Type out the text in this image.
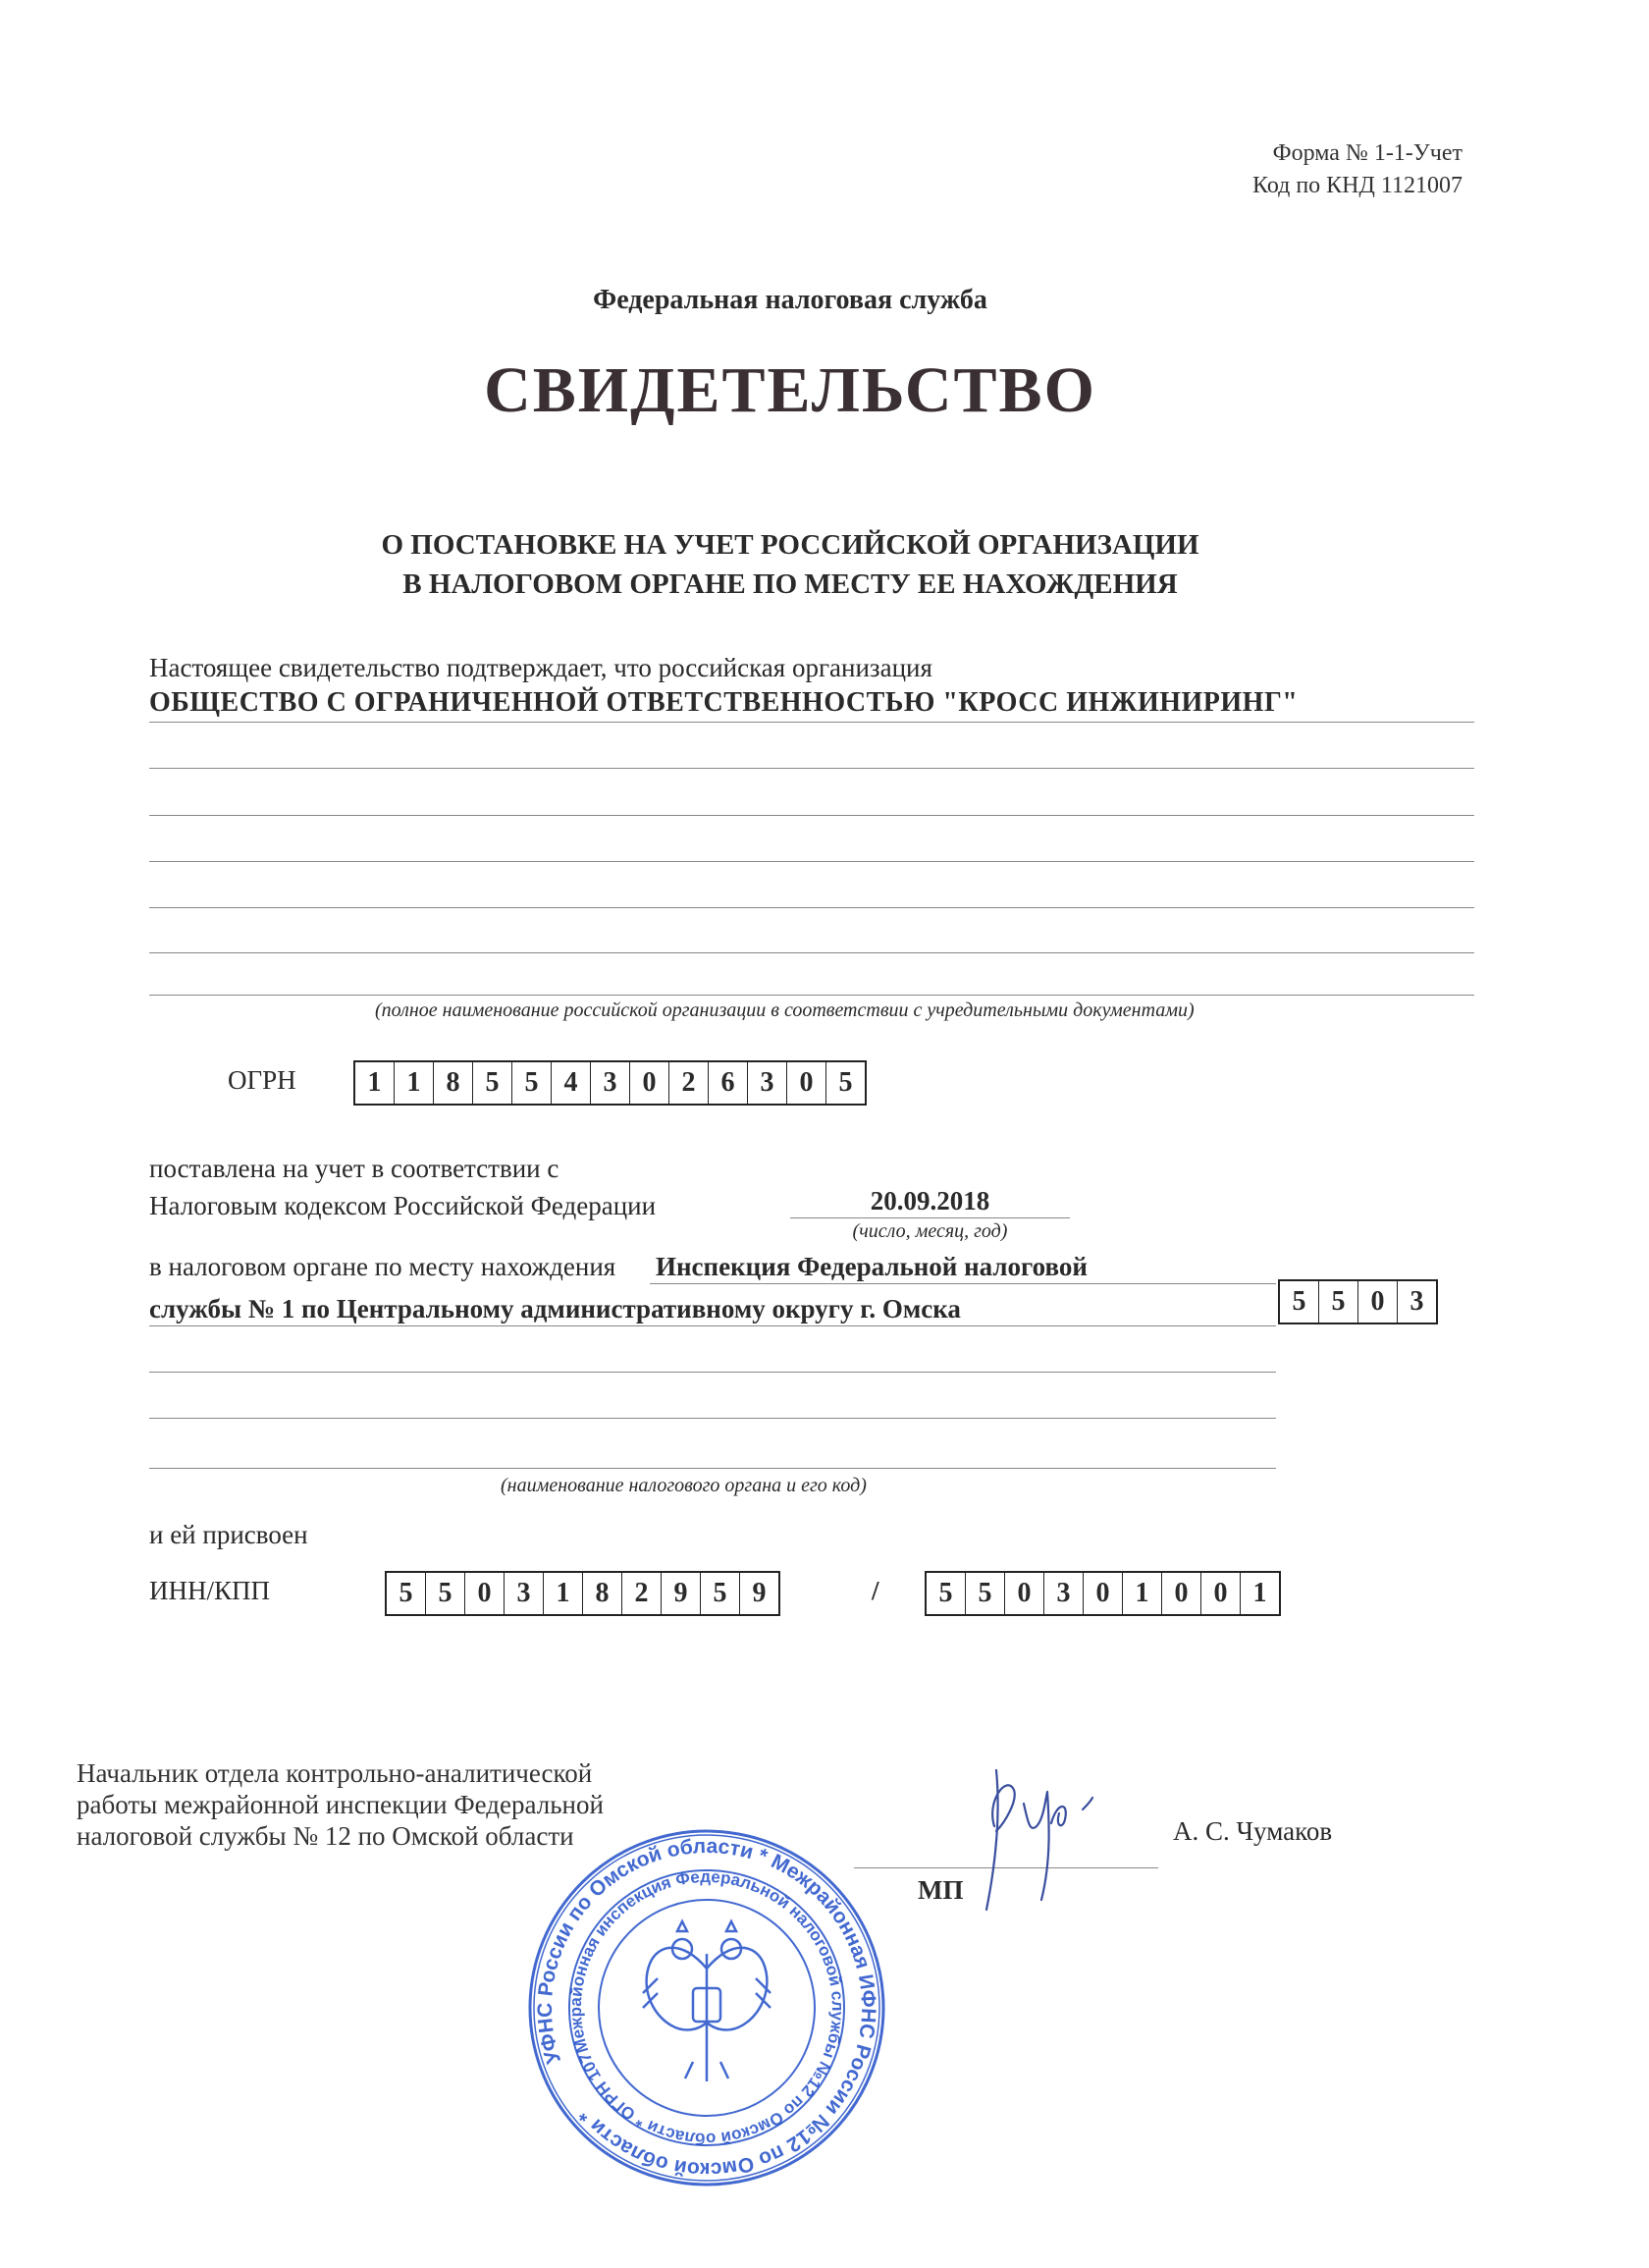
Форма № 1-1-Учет
Код по КНД 1121007
Федеральная налоговая служба
СВИДЕТЕЛЬСТВО
О ПОСТАНОВКЕ НА УЧЕТ РОССИЙСКОЙ ОРГАНИЗАЦИИ
В НАЛОГОВОМ ОРГАНЕ ПО МЕСТУ ЕЕ НАХОЖДЕНИЯ
Настоящее свидетельство подтверждает, что российская организация
ОБЩЕСТВО С ОГРАНИЧЕННОЙ ОТВЕТСТВЕННОСТЬЮ "КРОСС ИНЖИНИРИНГ"
(полное наименование российской организации в соответствии с учредительными документами)
ОГРН	1 1 8 5 5 4 3 0 2 6 3 0 5
поставлена на учет в соответствии с
Налоговым кодексом Российской Федерации	20.09.2018
(число, месяц, год)
в налоговом органе по месту нахождения Инспекция Федеральной налоговой
службы № 1 по Центральному административному округу г. Омска	5 5 0 3
(наименование налогового органа и его код)
и ей присвоен
ИНН/КПП	5 5 0 3 1 8 2 9 5 9	/	5 5 0 3 0 1 0 0 1
Начальник отдела контрольно-аналитической
работы межрайонной инспекции Федеральной
налоговой службы № 12 по Омской области
МП
А. С. Чумаков
УФНС России по Омской области * Межрайонная ИФНС России №12 по Омской области *
Межрайонная инспекция Федеральной налоговой службы №12 по Омской области * ОГРН 1075504003013
